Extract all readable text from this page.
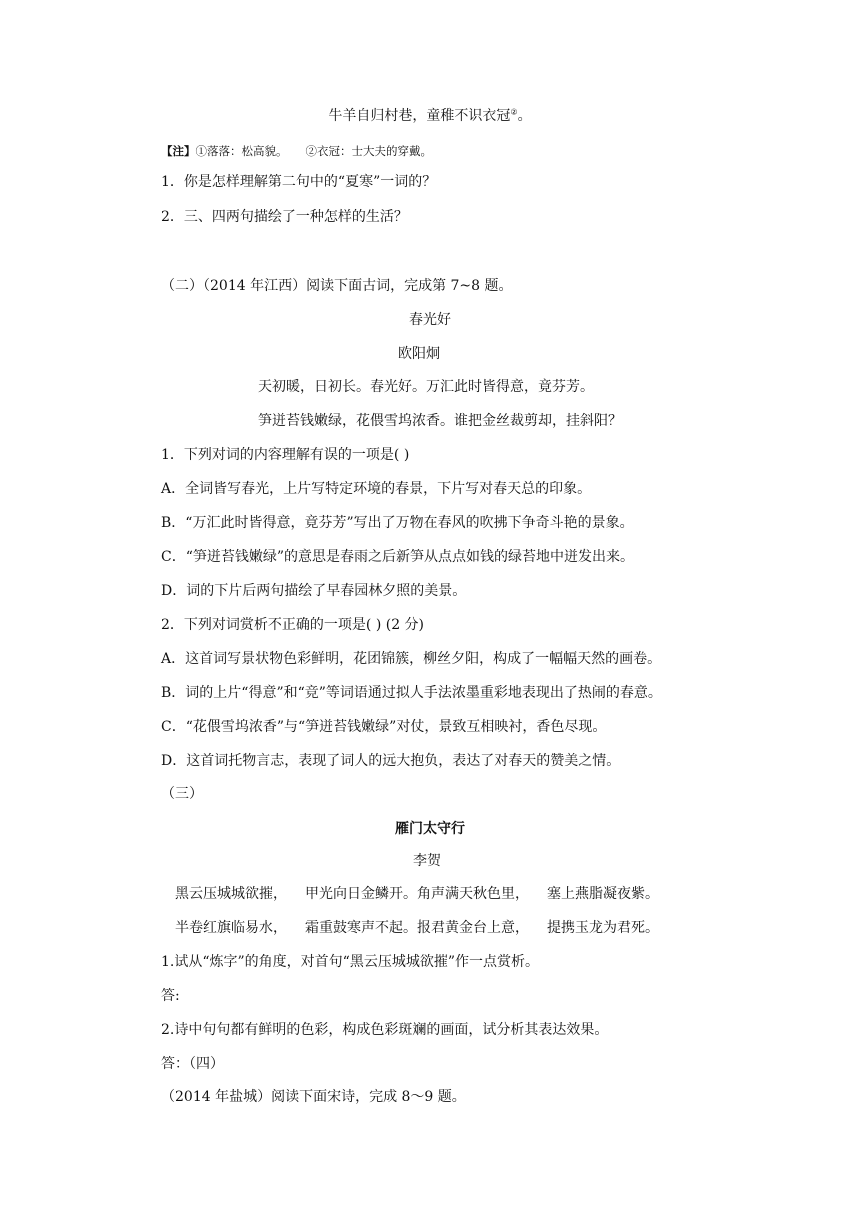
牛羊自归村巷，童稚不识衣冠②。
【注】①落落：松高貌。 ②衣冠：士大夫的穿戴。
1．你是怎样理解第二句中的“夏寒”一词的？
2．三、四两句描绘了一种怎样的生活？
（二）（2014 年江西）阅读下面古词，完成第 7~8 题。
春光好
欧阳炯
天初暖，日初长。春光好。万汇此时皆得意，竟芬芳。
笋迸苔钱嫩绿，花偎雪坞浓香。谁把金丝裁剪却，挂斜阳？
1．下列对词的内容理解有误的一项是( )
A．全词皆写春光，上片写特定环境的春景，下片写对春天总的印象。
B．“万汇此时皆得意，竟芬芳”写出了万物在春风的吹拂下争奇斗艳的景象。
C．“笋迸苔钱嫩绿”的意思是春雨之后新笋从点点如钱的绿苔地中迸发出来。
D．词的下片后两句描绘了早春园林夕照的美景。
2．下列对词赏析不正确的一项是( ) (2 分)
A．这首词写景状物色彩鲜明，花团锦簇，柳丝夕阳，构成了一幅幅天然的画卷。
B．词的上片“得意”和“竞”等词语通过拟人手法浓墨重彩地表现出了热闹的春意。
C．“花偎雪坞浓香”与“笋迸苔钱嫩绿”对仗，景致互相映衬，香色尽现。
D．这首词托物言志，表现了词人的远大抱负，表达了对春天的赞美之情。
（三）
雁门太守行
李贺
黑云压城城欲摧， 甲光向日金鳞开。角声满天秋色里， 塞上燕脂凝夜紫。
半卷红旗临易水， 霜重鼓寒声不起。报君黄金台上意， 提携玉龙为君死。
1.试从“炼字”的角度，对首句“黑云压城城欲摧”作一点赏析。
答:
2.诗中句句都有鲜明的色彩，构成色彩斑斓的画面，试分析其表达效果。
答：（四）
（2014 年盐城）阅读下面宋诗，完成 8～9 题。
